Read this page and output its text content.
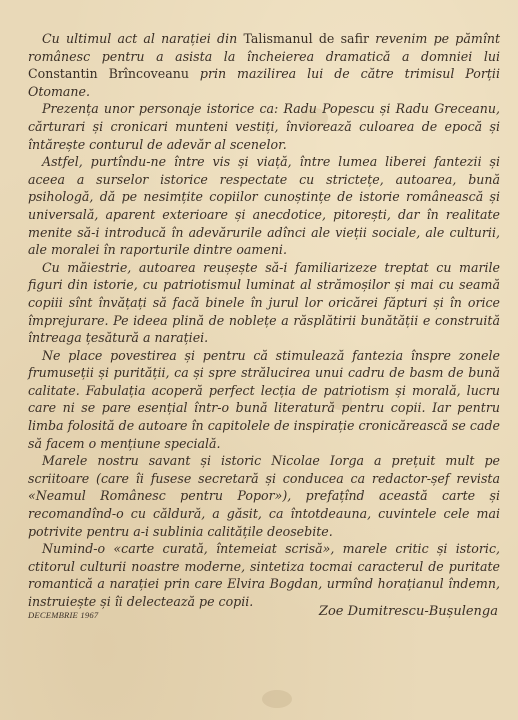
Cu ultimul act al narației din Talismanul de safir revenim pe pămînt românesc pentru a asista la încheierea dramatică a domniei lui Constantin Brîncoveanu prin mazilirea lui de către trimisul Porții Otomane.

Prezența unor personaje istorice ca: Radu Popescu și Radu Greceanu, cărturari și cronicari munteni vestiți, înviorează culoarea de epocă și întărește conturul de adevăr al scenelor.

Astfel, purtîndu-ne între vis și viață, între lumea liberei fantezii și aceea a surselor istorice respectate cu strictețe, autoarea, bună psihologă, dă pe nesimțite copiilor cunoștințe de istorie românească și universală, aparent exterioare și anecdotice, pitorești, dar în realitate menite să-i introducă în adevărurile adînci ale vieții sociale, ale culturii, ale moralei în raporturile dintre oameni.

Cu măiestrie, autoarea reușește să-i familiarizeze treptat cu marile figuri din istorie, cu patriotismul luminat al strămoșilor și mai cu seamă copiii sînt învățați să facă binele în jurul lor oricărei făpturi și în orice împrejurare. Pe ideea plină de noblețe a răsplătirii bunătății e construită întreaga țesătură a narației.

Ne place povestirea și pentru că stimulează fantezia înspre zonele frumuseții și purității, ca și spre strălucirea unui cadru de basm de bună calitate. Fabulația acoperă perfect lecția de patriotism și morală, lucru care ni se pare esențial într-o bună literatură pentru copii. Iar pentru limba folosită de autoare în capitolele de inspirație cronicărească se cade să facem o mențiune specială.

Marele nostru savant și istoric Nicolae Iorga a prețuit mult pe scriitoare (care îi fusese secretară și conducea ca redactor-șef revista «Neamul Românesc pentru Popor»), prefațînd această carte și recomandînd-o cu căldură, a găsit, ca întotdeauna, cuvintele cele mai potrivite pentru a-i sublinia calitățile deosebite.

Numind-o «carte curată, întemeiat scrisă», marele critic și istoric, ctitorul culturii noastre moderne, sintetiza tocmai caracterul de puritate romantică a narației prin care Elvira Bogdan, urmînd horațianul îndemn, instruiește și îi delectează pe copii.

DECEMBRIE 1967	Zoe Dumitrescu-Bușulenga
